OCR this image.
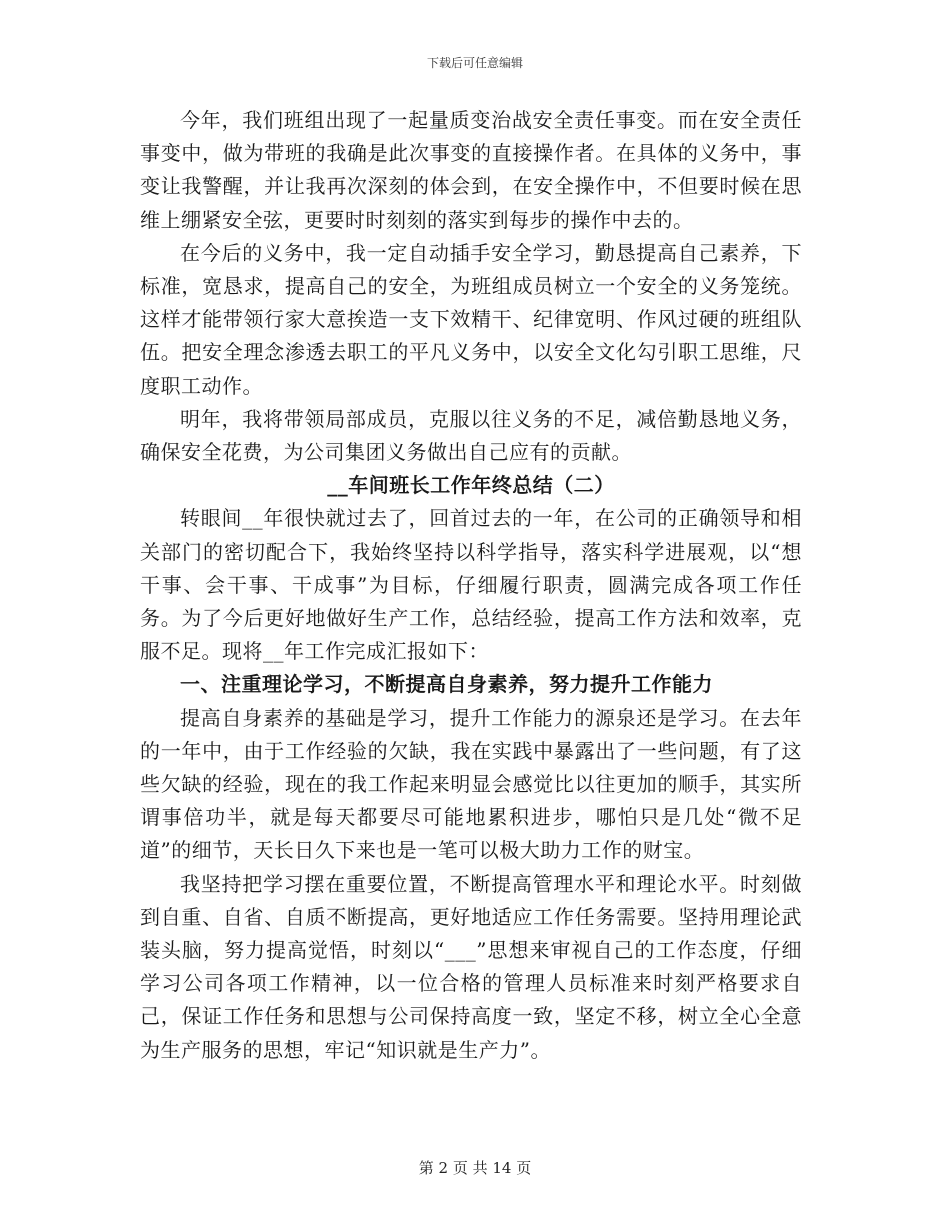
下载后可任意编辑

今年，我们班组出现了一起量质变治战安全责任事变。而在安全责任事变中，做为带班的我确是此次事变的直接操作者。在具体的义务中，事变让我警醒，并让我再次深刻的体会到，在安全操作中，不但要时候在思维上绷紧安全弦，更要时时刻刻的落实到每步的操作中去的。

在今后的义务中，我一定自动插手安全学习，勤恳提高自己素养，下标准，宽恳求，提高自己的安全，为班组成员树立一个安全的义务笼统。这样才能带领行家大意挨造一支下效精干、纪律宽明、作风过硬的班组队伍。把安全理念渗透去职工的平凡义务中，以安全文化勾引职工思维，尺度职工动作。

明年，我将带领局部成员，克服以往义务的不足，减倍勤恳地义务，确保安全花费，为公司集团义务做出自己应有的贡献。

__车间班长工作年终总结（二）

转眼间__年很快就过去了，回首过去的一年，在公司的正确领导和相关部门的密切配合下，我始终坚持以科学指导，落实科学进展观，以“想干事、会干事、干成事”为目标，仔细履行职责，圆满完成各项工作任务。为了今后更好地做好生产工作，总结经验，提高工作方法和效率，克服不足。现将__年工作完成汇报如下：

一、注重理论学习，不断提高自身素养，努力提升工作能力

提高自身素养的基础是学习，提升工作能力的源泉还是学习。在去年的一年中，由于工作经验的欠缺，我在实践中暴露出了一些问题，有了这些欠缺的经验，现在的我工作起来明显会感觉比以往更加的顺手，其实所谓事倍功半，就是每天都要尽可能地累积进步，哪怕只是几处“微不足道”的细节，天长日久下来也是一笔可以极大助力工作的财宝。

我坚持把学习摆在重要位置，不断提高管理水平和理论水平。时刻做到自重、自省、自质不断提高，更好地适应工作任务需要。坚持用理论武装头脑，努力提高觉悟，时刻以“___”思想来审视自己的工作态度，仔细学习公司各项工作精神，以一位合格的管理人员标准来时刻严格要求自己，保证工作任务和思想与公司保持高度一致，坚定不移，树立全心全意为生产服务的思想，牢记“知识就是生产力”。

第 2 页 共 14 页
